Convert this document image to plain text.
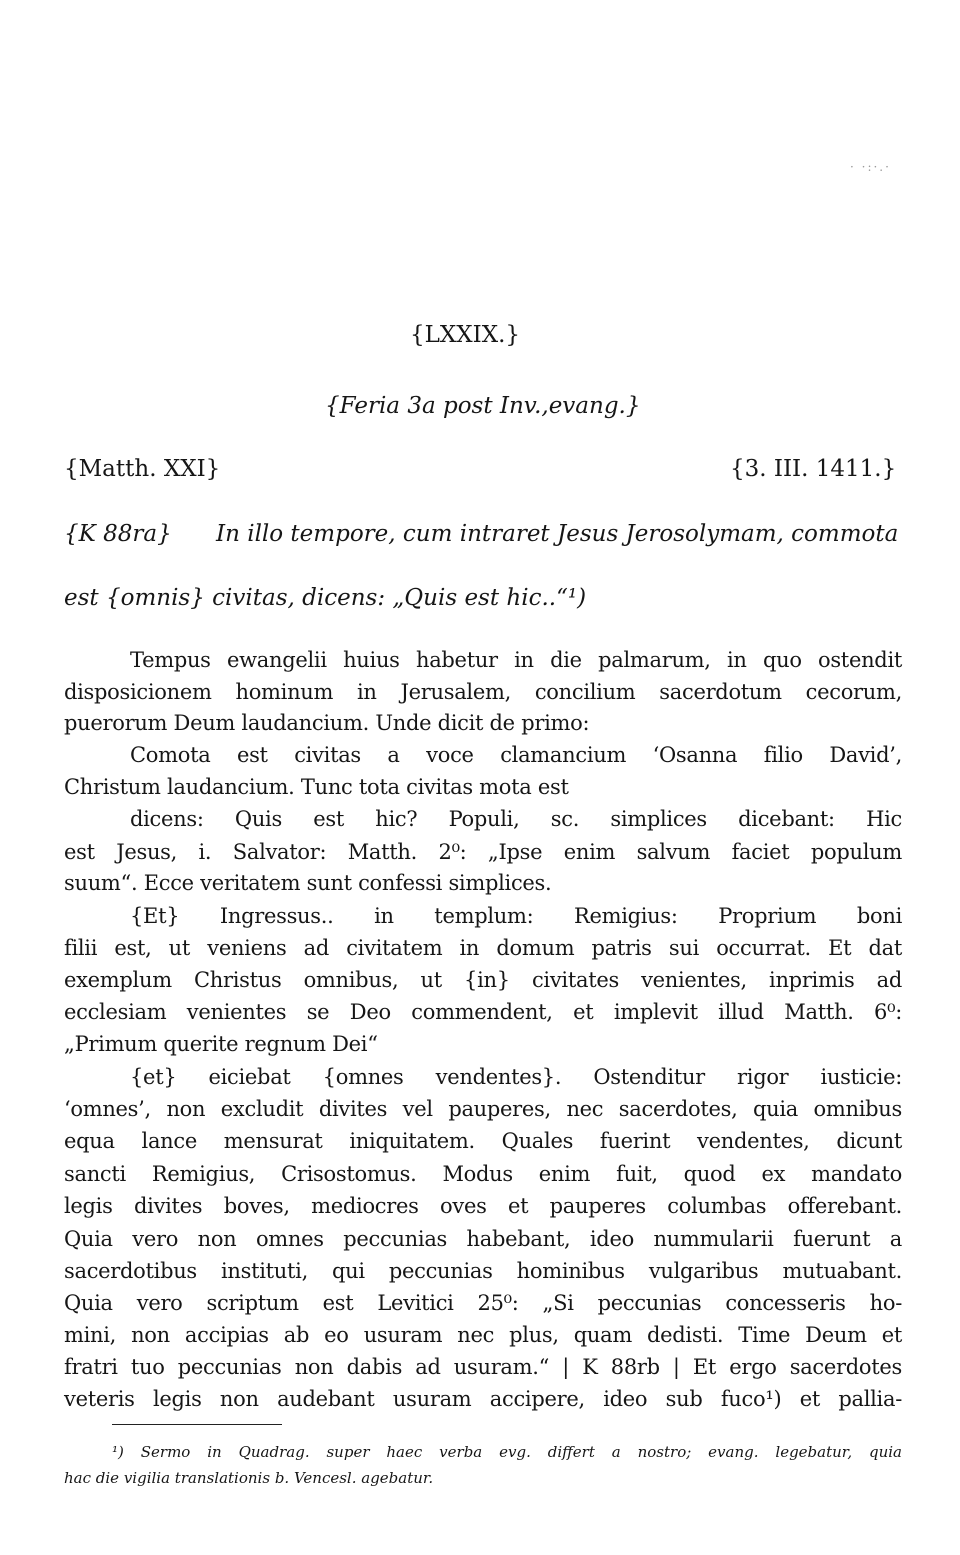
· ·:·.·
{LXXIX.}
{Feria 3a post Inv.,evang.}
{Matth. XXI}	{3. III. 1411.}
{K 88ra} In illo tempore, cum intraret Jesus Jerosolymam, commota
est {omnis} civitas, dicens: „Quis est hic..“¹)
Tempus ewangelii huius habetur in die palmarum, in quo ostendit
disposicionem hominum in Jerusalem, concilium sacerdotum cecorum,
puerorum Deum laudancium. Unde dicit de primo:
Comota est civitas a voce clamancium ‘Osanna filio David’,
Christum laudancium. Tunc tota civitas mota est
dicens: Quis est hic? Populi, sc. simplices dicebant: Hic
est Jesus, i. Salvator: Matth. 2⁰: „Ipse enim salvum faciet populum
suum“. Ecce veritatem sunt confessi simplices.
{Et} Ingressus.. in templum: Remigius: Proprium boni
filii est, ut veniens ad civitatem in domum patris sui occurrat. Et dat
exemplum Christus omnibus, ut {in} civitates venientes, inprimis ad
ecclesiam venientes se Deo commendent, et implevit illud Matth. 6⁰:
„Primum querite regnum Dei“
{et} eiciebat {omnes vendentes}. Ostenditur rigor iusticie:
‘omnes’, non excludit divites vel pauperes, nec sacerdotes, quia omnibus
equa lance mensurat iniquitatem. Quales fuerint vendentes, dicunt
sancti Remigius, Crisostomus. Modus enim fuit, quod ex mandato
legis divites boves, mediocres oves et pauperes columbas offerebant.
Quia vero non omnes peccunias habebant, ideo nummularii fuerunt a
sacerdotibus instituti, qui peccunias hominibus vulgaribus mutuabant.
Quia vero scriptum est Levitici 25⁰: „Si peccunias concesseris ho-
mini, non accipias ab eo usuram nec plus, quam dedisti. Time Deum et
fratri tuo peccunias non dabis ad usuram.“ | K 88rb | Et ergo sacerdotes
veteris legis non audebant usuram accipere, ideo sub fuco¹) et pallia-
¹) Sermo in Quadrag. super haec verba evg. differt a nostro; evang. legebatur, quia
hac die vigilia translationis b. Vencesl. agebatur.
